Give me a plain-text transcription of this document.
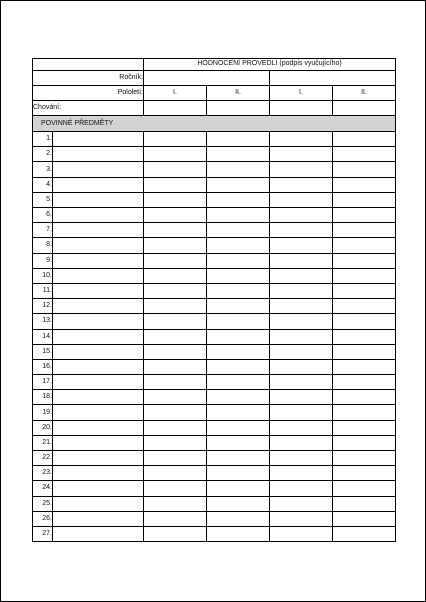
		HODNOCENÍ PROVEDLI (podpis vyučujícího)			
Ročník:					
Pololetí:		I.	II.	I.	II.
Chování:					
POVINNÉ PŘEDMĚTY					
1.					
2.					
3.					
4.					
5.					
6.					
7.					
8.					
9.					
10.					
11.					
12.					
13.					
14.					
15.					
16.					
17.					
18.					
19.					
20.					
21.					
22.					
23.					
24.					
25.					
26.					
27.					
